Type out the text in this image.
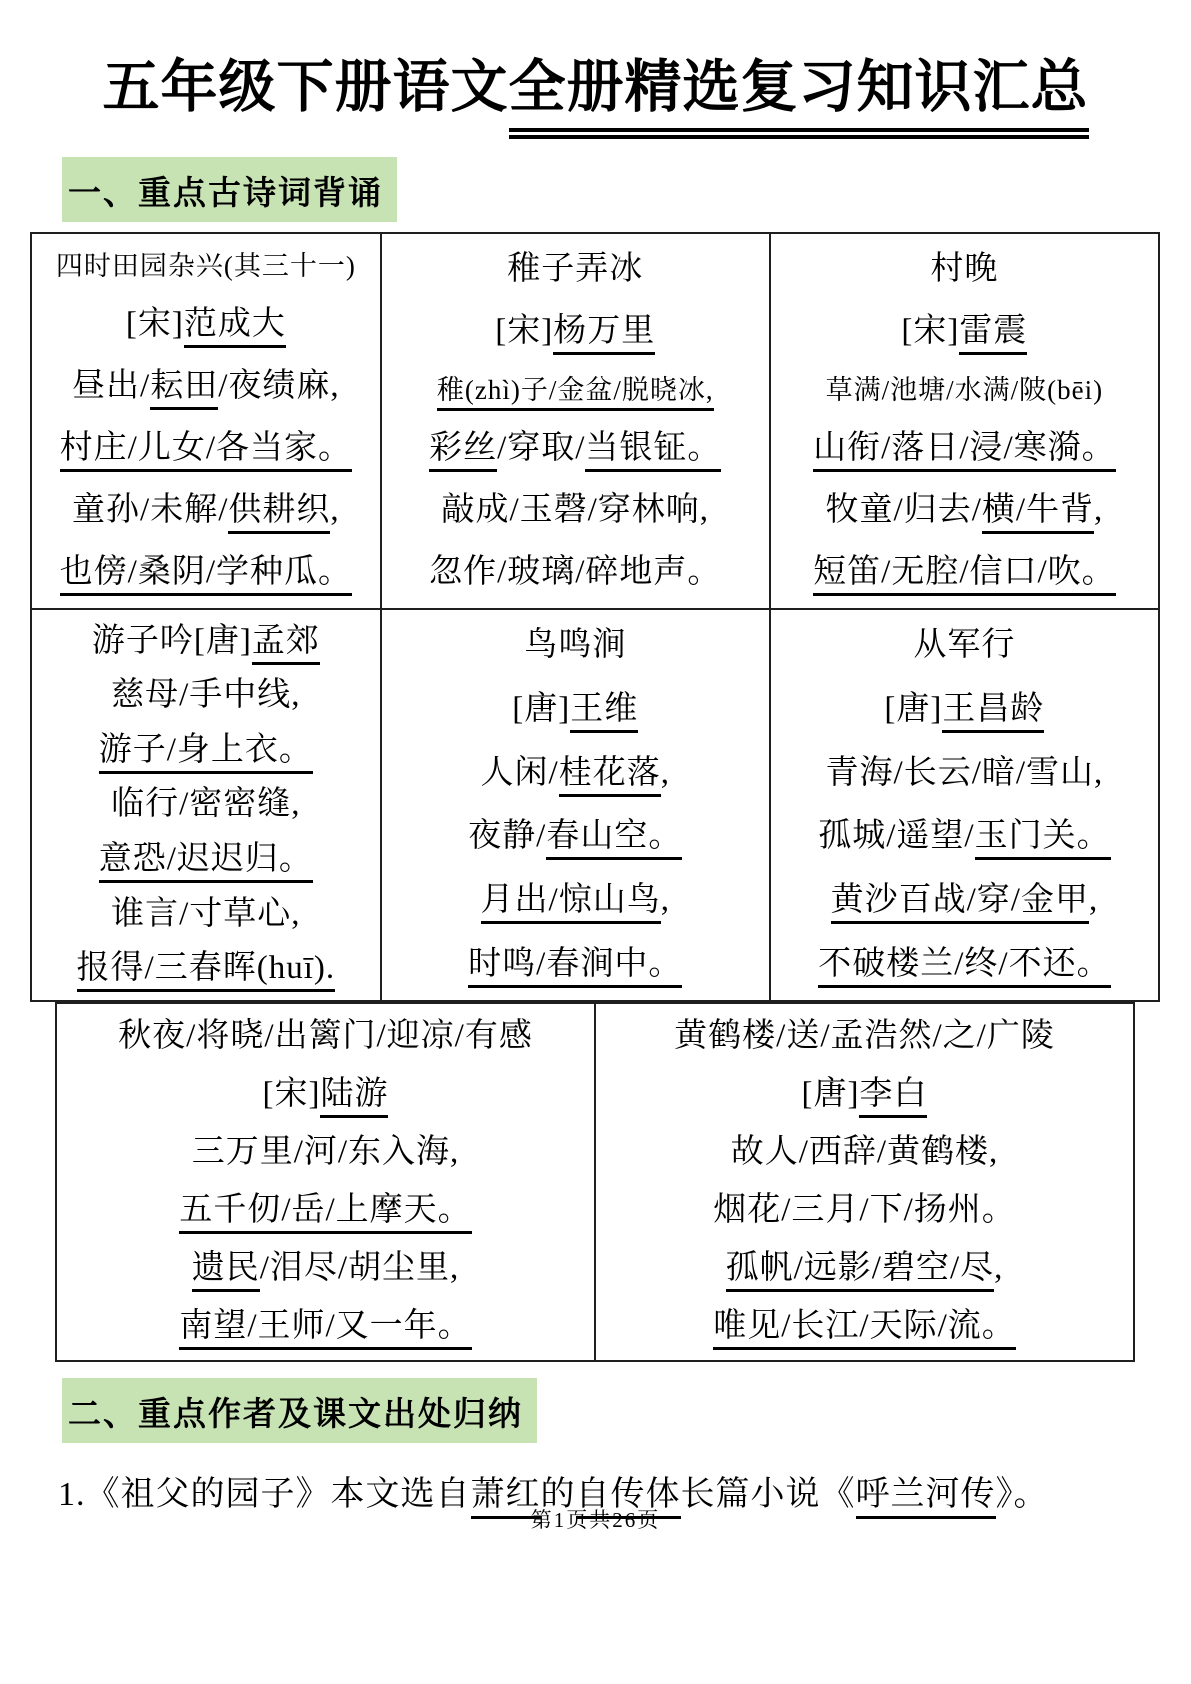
五年级下册语文全册精选复习知识汇总
一、重点古诗词背诵
四时田园杂兴(其三十一)
[宋]范成大
昼出/耘田/夜绩麻,
村庄/儿女/各当家。
童孙/未解/供耕织,
也傍/桑阴/学种瓜。

稚子弄冰
[宋]杨万里
稚(zhì)子/金盆/脱晓冰,
彩丝/穿取/当银钲。
敲成/玉磬/穿林响,
忽作/玻璃/碎地声。

村晚
[宋]雷震
草满/池塘/水满/陂(bēi)
山衔/落日/浸/寒漪。
牧童/归去/横/牛背,
短笛/无腔/信口/吹。

游子吟[唐]孟郊
慈母/手中线,
游子/身上衣。
临行/密密缝,
意恐/迟迟归。
谁言/寸草心,
报得/三春晖(huī).

鸟鸣涧
[唐]王维
人闲/桂花落,
夜静/春山空。
月出/惊山鸟,
时鸣/春涧中。

从军行
[唐]王昌龄
青海/长云/暗/雪山,
孤城/遥望/玉门关。
黄沙百战/穿/金甲,
不破楼兰/终/不还。
秋夜/将晓/出篱门/迎凉/有感
[宋]陆游
三万里/河/东入海,
五千仞/岳/上摩天。
遗民/泪尽/胡尘里,
南望/王师/又一年。

黄鹤楼/送/孟浩然/之/广陵
[唐]李白
故人/西辞/黄鹤楼,
烟花/三月/下/扬州。
孤帆/远影/碧空/尽,
唯见/长江/天际/流。
二、重点作者及课文出处归纳

1.《祖父的园子》本文选自萧红的自传体长篇小说《呼兰河传》。

第1页共26页
